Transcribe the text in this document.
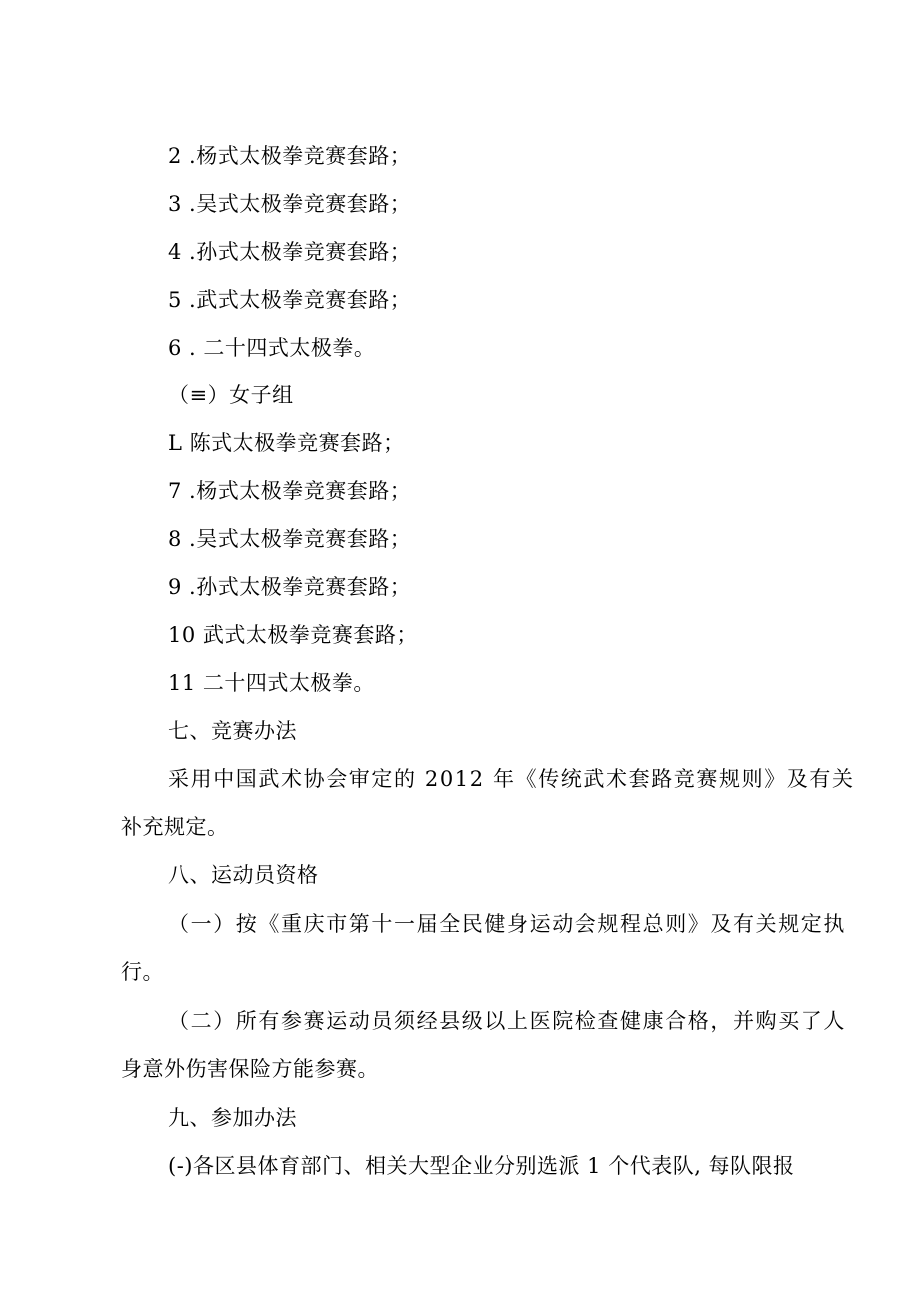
2 .杨式太极拳竞赛套路；
3 .吴式太极拳竞赛套路；
4 .孙式太极拳竞赛套路；
5 .武式太极拳竞赛套路；
6 . 二十四式太极拳。
（≡）女子组
L 陈式太极拳竞赛套路；
7 .杨式太极拳竞赛套路；
8 .吴式太极拳竞赛套路；
9 .孙式太极拳竞赛套路；
10 武式太极拳竞赛套路；
11 二十四式太极拳。
七、竞赛办法
采用中国武术协会审定的 2012 年《传统武术套路竞赛规则》及有关
补充规定。
八、运动员资格
（一）按《重庆市第十一届全民健身运动会规程总则》及有关规定执
行。
（二）所有参赛运动员须经县级以上医院检查健康合格，并购买了人
身意外伤害保险方能参赛。
九、参加办法
(-)各区县体育部门、相关大型企业分别选派 1 个代表队, 每队限报
